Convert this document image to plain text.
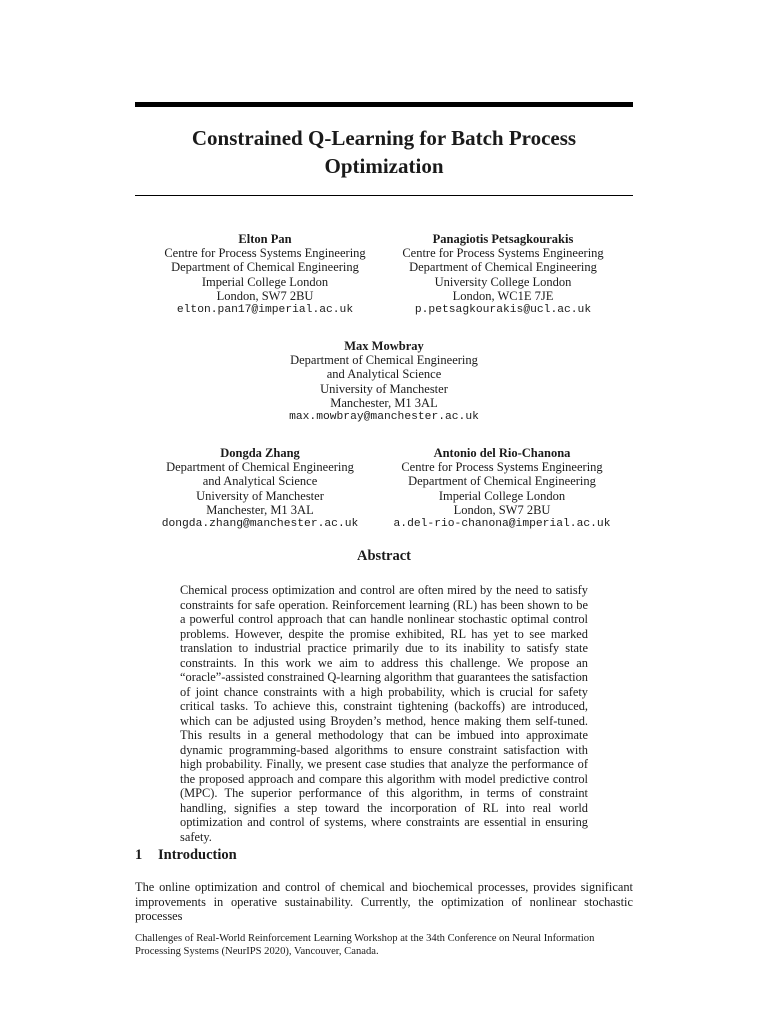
Constrained Q-Learning for Batch Process
Optimization
Elton Pan
Centre for Process Systems Engineering
Department of Chemical Engineering
Imperial College London
London, SW7 2BU
elton.pan17@imperial.ac.uk
Panagiotis Petsagkourakis
Centre for Process Systems Engineering
Department of Chemical Engineering
University College London
London, WC1E 7JE
p.petsagkourakis@ucl.ac.uk
Max Mowbray
Department of Chemical Engineering
and Analytical Science
University of Manchester
Manchester, M1 3AL
max.mowbray@manchester.ac.uk
Dongda Zhang
Department of Chemical Engineering
and Analytical Science
University of Manchester
Manchester, M1 3AL
dongda.zhang@manchester.ac.uk
Antonio del Rio-Chanona
Centre for Process Systems Engineering
Department of Chemical Engineering
Imperial College London
London, SW7 2BU
a.del-rio-chanona@imperial.ac.uk
Abstract

Chemical process optimization and control are often mired by the need to satisfy constraints for safe operation. Reinforcement learning (RL) has been shown to be a powerful control approach that can handle nonlinear stochastic optimal control problems. However, despite the promise exhibited, RL has yet to see marked translation to industrial practice primarily due to its inability to satisfy state constraints. In this work we aim to address this challenge. We propose an “oracle”-assisted constrained Q-learning algorithm that guarantees the satisfaction of joint chance constraints with a high probability, which is crucial for safety critical tasks. To achieve this, constraint tightening (backoffs) are introduced, which can be adjusted using Broyden’s method, hence making them self-tuned. This results in a general methodology that can be imbued into approximate dynamic programming-based algorithms to ensure constraint satisfaction with high probability. Finally, we present case studies that analyze the performance of the proposed approach and compare this algorithm with model predictive control (MPC). The superior performance of this algorithm, in terms of constraint handling, signifies a step toward the incorporation of RL into real world optimization and control of systems, where constraints are essential in ensuring safety.

1 Introduction

The online optimization and control of chemical and biochemical processes, provides significant improvements in operative sustainability. Currently, the optimization of nonlinear stochastic processes

Challenges of Real-World Reinforcement Learning Workshop at the 34th Conference on Neural Information Processing Systems (NeurIPS 2020), Vancouver, Canada.
